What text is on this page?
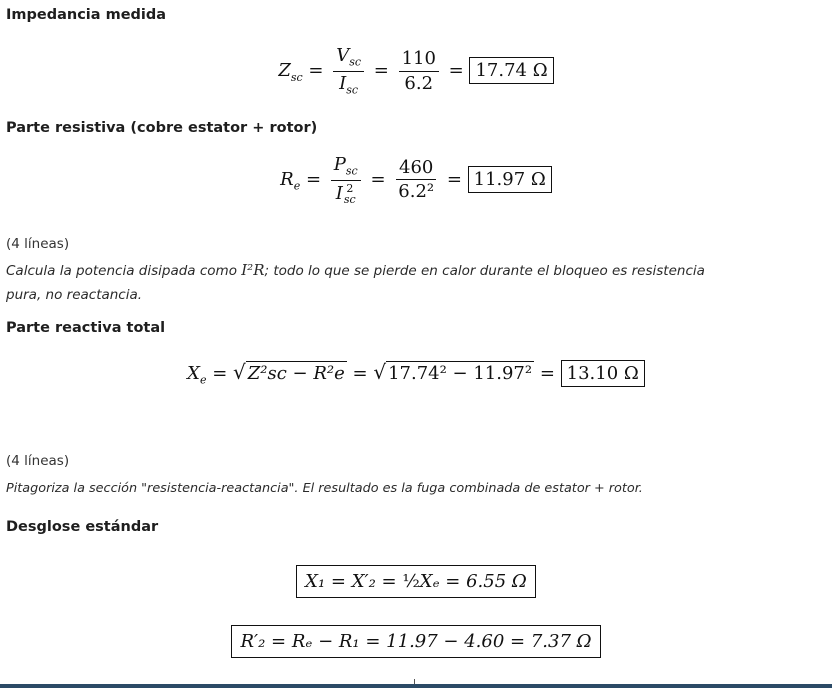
Impedancia medida

$Z_{sc} = \frac{V_{sc}}{I_{sc}} = \frac{110}{6.2} = 17.74$ Ω

Parte resistiva (cobre estator + rotor)

$R_e = P_{sc}$
I 2
sc = $\frac{460}{\text{6.2²}} = 11.97$ Ω

(4 líneas)

Calcula la potencia disipada como I²R; todo lo que se pierde en calor durante el bloqueo es resistencia

pura, no reactancia.

Parte reactiva total

$X_e$ = √ Z²sc − R²e = √ 17.74² − 11.97² = 13.10 Ω

(4 líneas)

Pitagoriza la sección "resistencia-reactancia". El resultado es la fuga combinada de estator + rotor.

Desglose estándar

X₁ = X′₂ = ½Xₑ = 6.55 Ω
R′₂ = Rₑ − R₁ = 11.97 − 4.60 = 7.37 Ω
